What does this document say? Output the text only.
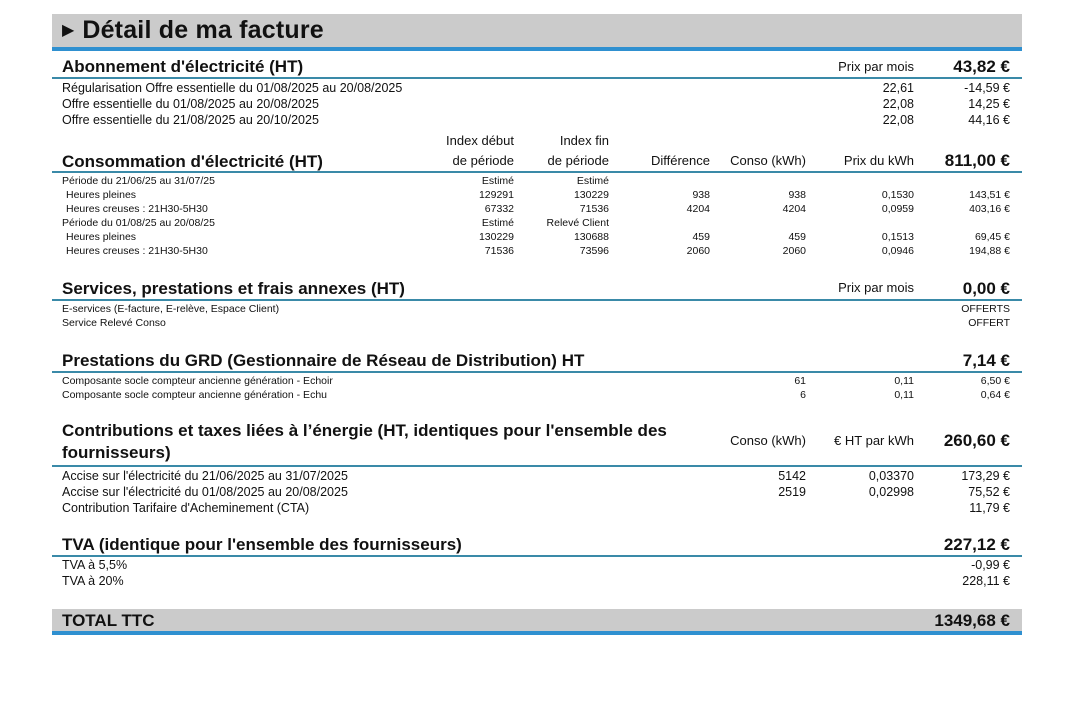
▶ Détail de ma facture
Abonnement d'électricité (HT)	Prix par mois 43,82 €
Régularisation Offre essentielle du 01/08/2025 au 20/08/2025	22,61	-14,59 €
Offre essentielle du 01/08/2025 au 20/08/2025	22,08	14,25 €
Offre essentielle du 21/08/2025 au 20/10/2025	22,08	44,16 €
Consommation d'électricité (HT)
Index début
de période
Index fin
de période	Différence Conso (kWh)	Prix du kWh 811,00 €
Période du 21/06/25 au 31/07/25	Estimé	Estimé
Heures pleines	129291	130229	938	938	0,1530	143,51 €
Heures creuses : 21H30-5H30	67332	71536	4204	4204	0,0959	403,16 €
Période du 01/08/25 au 20/08/25	Estimé	Relevé Client
Heures pleines	130229	130688	459	459	0,1513	69,45 €
Heures creuses : 21H30-5H30	71536	73596	2060	2060	0,0946	194,88 €
Services, prestations et frais annexes (HT)	Prix par mois	0,00 €
E-services (E-facture, E-relève, Espace Client)	OFFERTS
Service Relevé Conso	OFFERT
Prestations du GRD (Gestionnaire de Réseau de Distribution) HT	7,14 €
Composante socle compteur ancienne génération - Echoir	61	0,11	6,50 €
Composante socle compteur ancienne génération - Echu	6	0,11	0,64 €
Contributions et taxes liées à l’énergie (HT, identiques pour l'ensemble des
fournisseurs)
Conso (kWh) € HT par kWh 260,60 €
Accise sur l'électricité du 21/06/2025 au 31/07/2025	5142	0,03370	173,29 €
Accise sur l'électricité du 01/08/2025 au 20/08/2025	2519	0,02998	75,52 €
Contribution Tarifaire d'Acheminement (CTA)	11,79 €
TVA (identique pour l'ensemble des fournisseurs)	227,12 €
TVA à 5,5%	-0,99 €
TVA à 20%	228,11 €
TOTAL TTC	1349,68 €
